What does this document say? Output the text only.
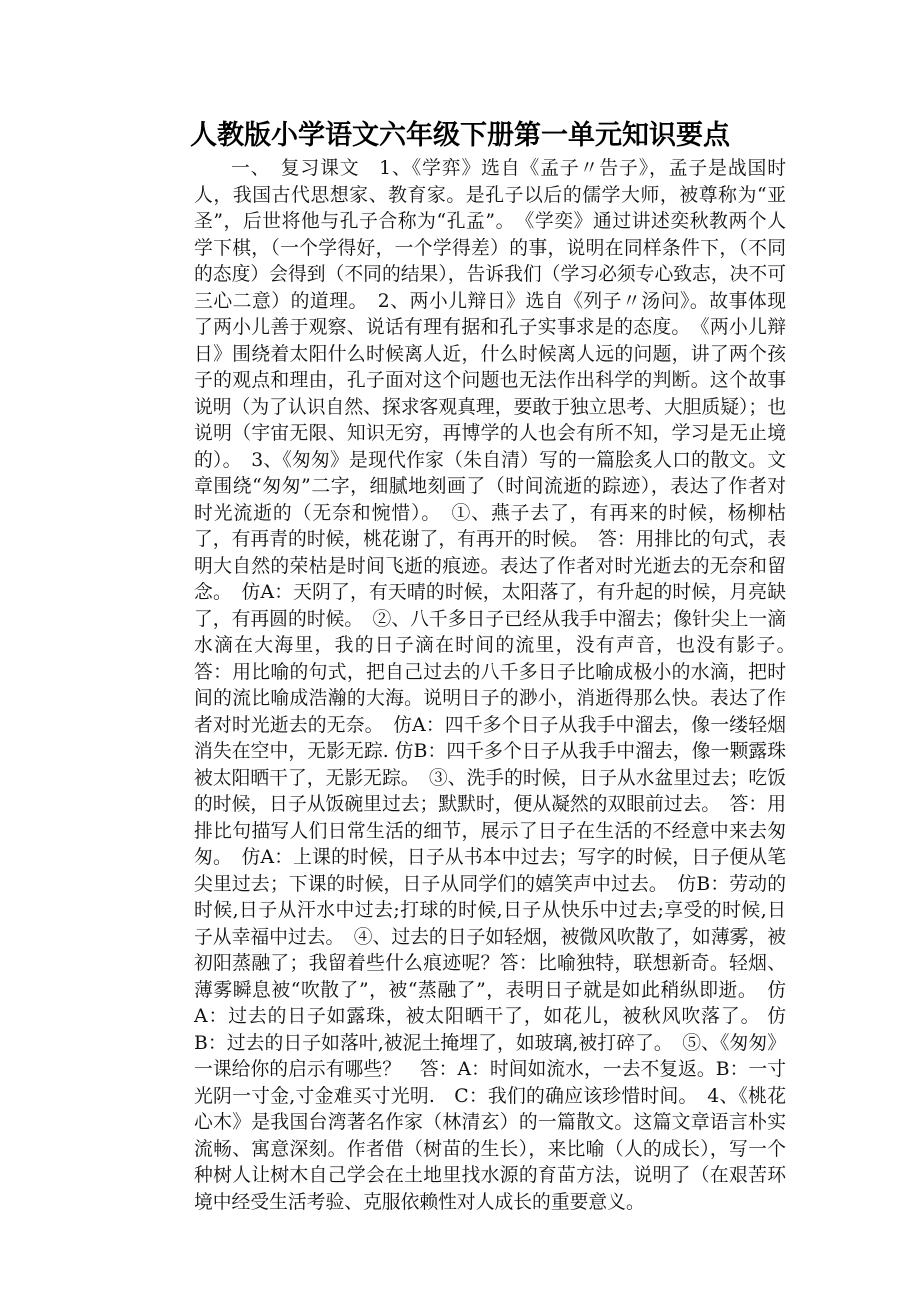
人教版小学语文六年级下册第一单元知识要点

一、　复习课文　1、《学弈》选自《孟子〃告子》，孟子是战国时人，我国古代思想家、教育家。是孔子以后的儒学大师，被尊称为“亚圣”，后世将他与孔子合称为“孔孟”。　《学奕》通过讲述奕秋教两个人学下棋，（一个学得好，一个学得差）的事，说明在同样条件下，（不同的态度）会得到（不同的结果），告诉我们（学习必须专心致志，决不可三心二意）的道理。　2、两小儿辩日》选自《列子〃汤问》。故事体现了两小儿善于观察、说话有理有据和孔子实事求是的态度。　《两小儿辩日》围绕着太阳什么时候离人近，什么时候离人远的问题，讲了两个孩子的观点和理由，孔子面对这个问题也无法作出科学的判断。这个故事说明（为了认识自然、探求客观真理，要敢于独立思考、大胆质疑）；也说明（宇宙无限、知识无穷，再博学的人也会有所不知，学习是无止境的）。　3、《匆匆》是现代作家（朱自清）写的一篇脍炙人口的散文。文章围绕“匆匆”二字，细腻地刻画了（时间流逝的踪迹），表达了作者对时光流逝的（无奈和惋惜）。　①、燕子去了，有再来的时候，杨柳枯了，有再青的时候，桃花谢了，有再开的时候。　答：用排比的句式，表明大自然的荣枯是时间飞逝的痕迹。表达了作者对时光逝去的无奈和留念。　仿A：天阴了，有天晴的时候，太阳落了，有升起的时候，月亮缺了，有再圆的时候。　②、八千多日子已经从我手中溜去；像针尖上一滴水滴在大海里，我的日子滴在时间的流里，没有声音，也没有影子。　答：用比喻的句式，把自己过去的八千多日子比喻成极小的水滴，把时间的流比喻成浩瀚的大海。说明日子的渺小，消逝得那么快。表达了作者对时光逝去的无奈。　仿A：四千多个日子从我手中溜去，像一缕轻烟消失在空中，无影无踪. 仿B：四千多个日子从我手中溜去，像一颗露珠被太阳晒干了，无影无踪。　③、洗手的时候，日子从水盆里过去；吃饭的时候，日子从饭碗里过去；默默时，便从凝然的双眼前过去。　答：用排比句描写人们日常生活的细节，展示了日子在生活的不经意中来去匆匆。　仿A：上课的时候，日子从书本中过去；写字的时候，日子便从笔尖里过去；下课的时候，日子从同学们的嬉笑声中过去。　仿B：劳动的时候,日子从汗水中过去;打球的时候,日子从快乐中过去;享受的时候,日子从幸福中过去。　④、过去的日子如轻烟，被微风吹散了，如薄雾，被初阳蒸融了；我留着些什么痕迹呢？答：比喻独特，联想新奇。轻烟、薄雾瞬息被“吹散了”，被“蒸融了”，表明日子就是如此稍纵即逝。　仿A：过去的日子如露珠，被太阳晒干了，如花儿，被秋风吹落了。 仿B：过去的日子如落叶,被泥土掩埋了，如玻璃,被打碎了。　⑤、《匆匆》一课给你的启示有哪些？　答：A：时间如流水，一去不复返。B：一寸光阴一寸金,寸金难买寸光明.　C：我们的确应该珍惜时间。　4、《桃花心木》是我国台湾著名作家（林清玄）的一篇散文。这篇文章语言朴实流畅、寓意深刻。作者借（树苗的生长），来比喻（人的成长），写一个种树人让树木自己学会在土地里找水源的育苗方法，说明了（在艰苦环境中经受生活考验、克服依赖性对人成长的重要意义。
